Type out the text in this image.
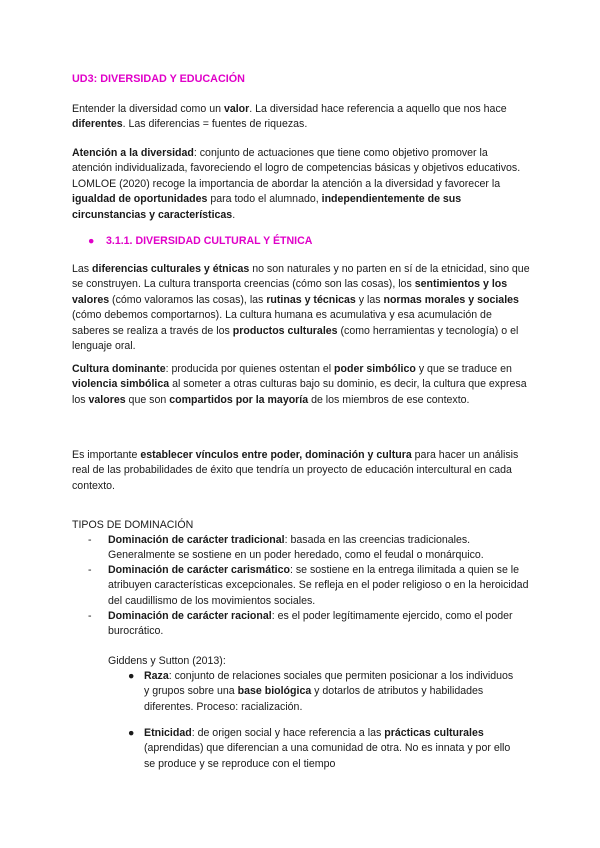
UD3: DIVERSIDAD Y EDUCACIÓN

Entender la diversidad como un valor. La diversidad hace referencia a aquello que nos hace diferentes. Las diferencias = fuentes de riquezas.

Atención a la diversidad: conjunto de actuaciones que tiene como objetivo promover la atención individualizada, favoreciendo el logro de competencias básicas y objetivos educativos. LOMLOE (2020) recoge la importancia de abordar la atención a la diversidad y favorecer la igualdad de oportunidades para todo el alumnado, independientemente de sus circunstancias y características.

● 3.1.1. DIVERSIDAD CULTURAL Y ÉTNICA

Las diferencias culturales y étnicas no son naturales y no parten en sí de la etnicidad, sino que se construyen. La cultura transporta creencias (cómo son las cosas), los sentimientos y los valores (cómo valoramos las cosas), las rutinas y técnicas y las normas morales y sociales (cómo debemos comportarnos). La cultura humana es acumulativa y esa acumulación de saberes se realiza a través de los productos culturales (como herramientas y tecnología) o el lenguaje oral.

Cultura dominante: producida por quienes ostentan el poder simbólico y que se traduce en violencia simbólica al someter a otras culturas bajo su dominio, es decir, la cultura que expresa los valores que son compartidos por la mayoría de los miembros de ese contexto.

Es importante establecer vínculos entre poder, dominación y cultura para hacer un análisis real de las probabilidades de éxito que tendría un proyecto de educación intercultural en cada contexto.

TIPOS DE DOMINACIÓN

- Dominación de carácter tradicional: basada en las creencias tradicionales. Generalmente se sostiene en un poder heredado, como el feudal o monárquico.
- Dominación de carácter carismático: se sostiene en la entrega ilimitada a quien se le atribuyen características excepcionales. Se refleja en el poder religioso o en la heroicidad del caudillismo de los movimientos sociales.
- Dominación de carácter racional: es el poder legítimamente ejercido, como el poder burocrático.

Giddens y Sutton (2013):

● Raza: conjunto de relaciones sociales que permiten posicionar a los individuos y grupos sobre una base biológica y dotarlos de atributos y habilidades diferentes. Proceso: racialización.
● Etnicidad: de origen social y hace referencia a las prácticas culturales (aprendidas) que diferencian a una comunidad de otra. No es innata y por ello se produce y se reproduce con el tiempo
